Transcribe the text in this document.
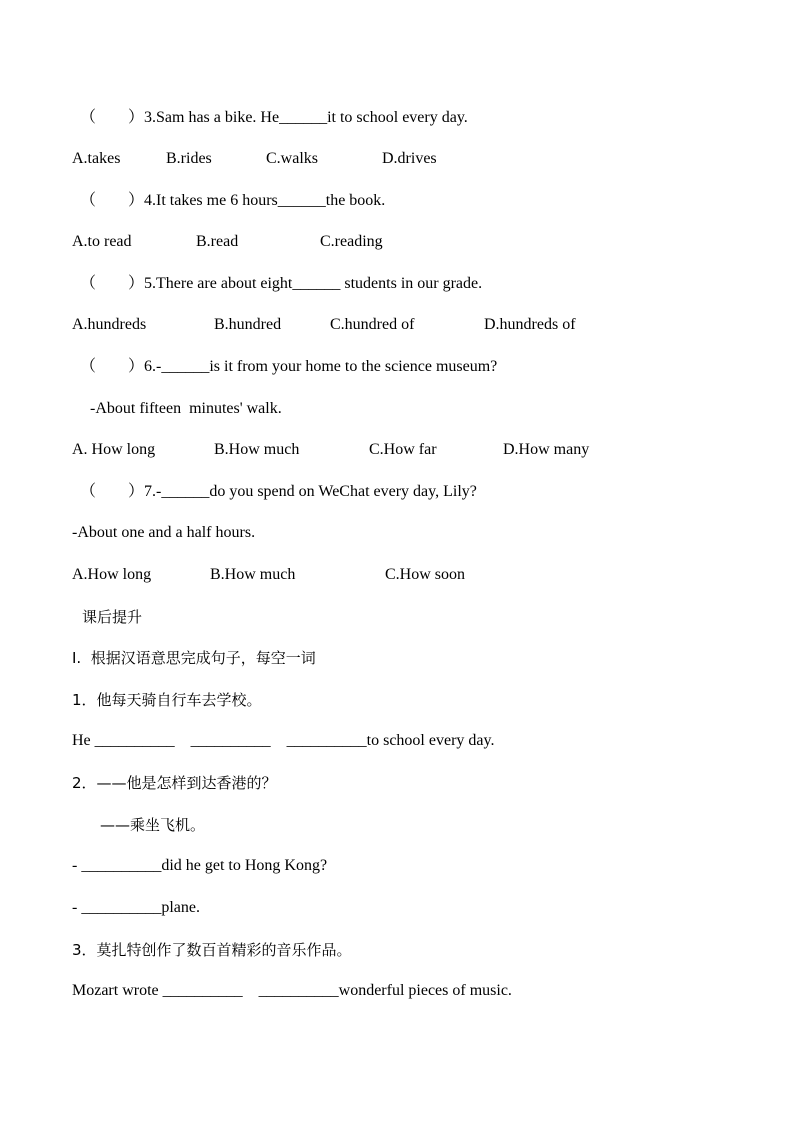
（　　）3.Sam has a bike. He______it to school every day.
A.takes	B.rides	C.walks	D.drives
（　　）4.It takes me 6 hours______the book.
A.to read	B.read	C.reading
（　　）5.There are about eight______ students in our grade.
A.hundreds	B.hundred	C.hundred of	D.hundreds of
（　　）6.-______is it from your home to the science museum?
-About fifteen  minutes' walk.
A. How long	B.How much	C.How far	D.How many
（　　）7.-______do you spend on WeChat every day, Lily?
-About one and a half hours.
A.How long	B.How much	C.How soon
课后提升
I.  根据汉语意思完成句子，每空一词
1．他每天骑自行车去学校。
He __________    __________    __________to school every day.
2．——他是怎样到达香港的？
——乘坐飞机。
- __________did he get to Hong Kong?
- __________plane.
3．莫扎特创作了数百首精彩的音乐作品。
Mozart wrote __________    __________wonderful pieces of music.
